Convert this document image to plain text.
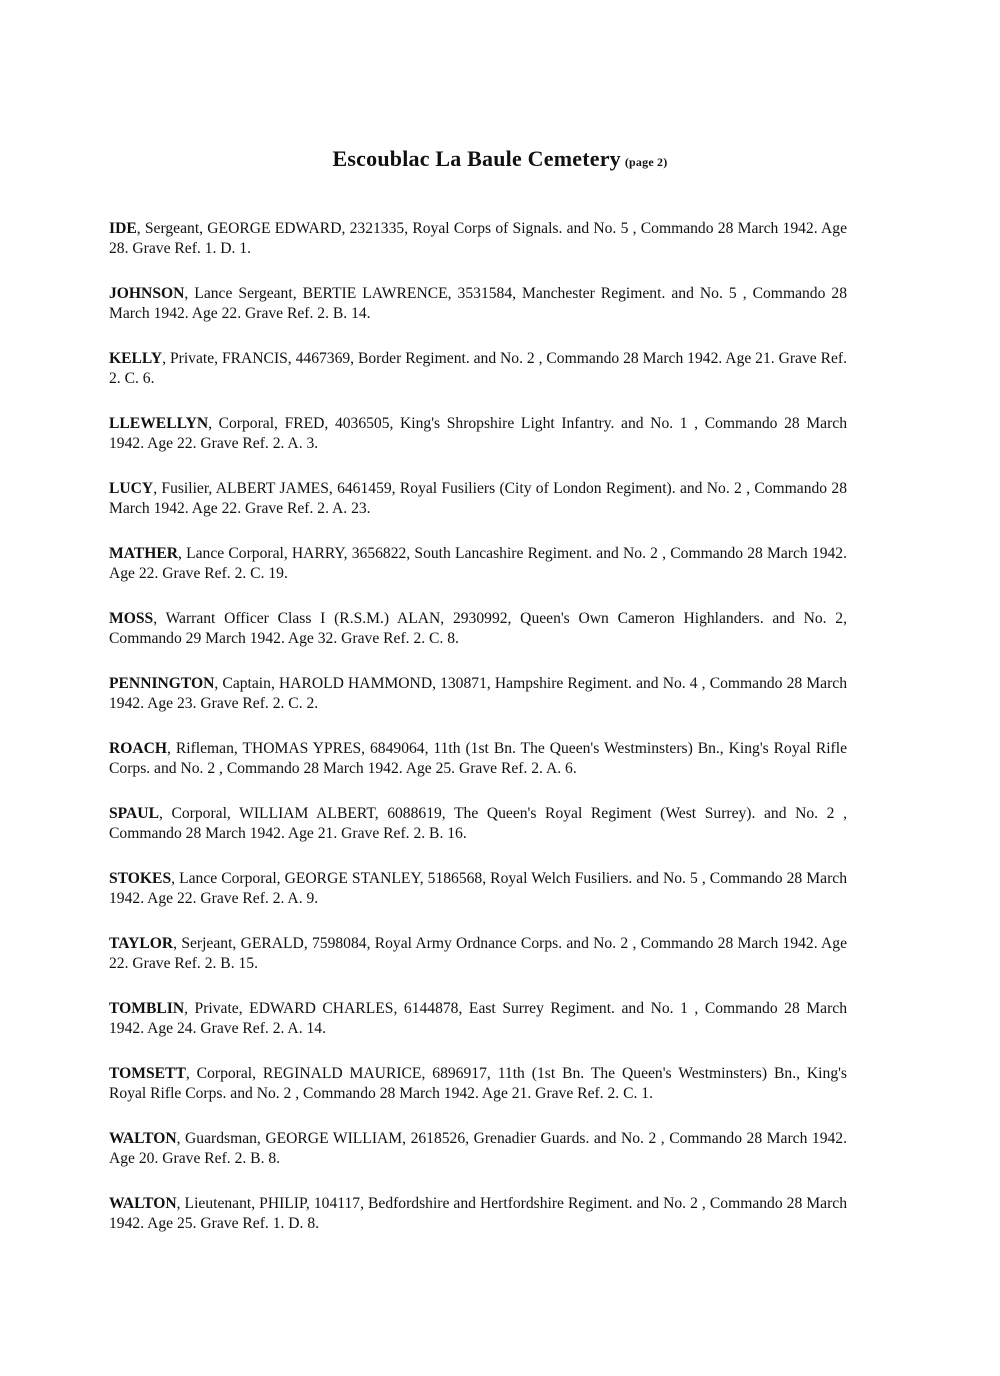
Escoublac La Baule Cemetery (page 2)
IDE, Sergeant, GEORGE EDWARD, 2321335, Royal Corps of Signals. and No. 5 , Commando 28 March 1942. Age 28. Grave Ref. 1. D. 1.
JOHNSON, Lance Sergeant, BERTIE LAWRENCE, 3531584, Manchester Regiment. and No. 5 , Commando 28 March 1942. Age 22. Grave Ref. 2. B. 14.
KELLY, Private, FRANCIS, 4467369, Border Regiment. and No. 2 , Commando 28 March 1942. Age 21. Grave Ref. 2. C. 6.
LLEWELLYN, Corporal, FRED, 4036505, King's Shropshire Light Infantry. and No. 1 , Commando 28 March 1942. Age 22. Grave Ref. 2. A. 3.
LUCY, Fusilier, ALBERT JAMES, 6461459, Royal Fusiliers (City of London Regiment). and No. 2 , Commando 28 March 1942. Age 22. Grave Ref. 2. A. 23.
MATHER, Lance Corporal, HARRY, 3656822, South Lancashire Regiment. and No. 2 , Commando 28 March 1942. Age 22. Grave Ref. 2. C. 19.
MOSS, Warrant Officer Class I (R.S.M.) ALAN, 2930992, Queen's Own Cameron Highlanders. and No. 2, Commando 29 March 1942. Age 32. Grave Ref. 2. C. 8.
PENNINGTON, Captain, HAROLD HAMMOND, 130871, Hampshire Regiment. and No. 4 , Commando 28 March 1942. Age 23. Grave Ref. 2. C. 2.
ROACH, Rifleman, THOMAS YPRES, 6849064, 11th (1st Bn. The Queen's Westminsters) Bn., King's Royal Rifle Corps. and No. 2 , Commando 28 March 1942. Age 25. Grave Ref. 2. A. 6.
SPAUL, Corporal, WILLIAM ALBERT, 6088619, The Queen's Royal Regiment (West Surrey). and No. 2 , Commando 28 March 1942. Age 21. Grave Ref. 2. B. 16.
STOKES, Lance Corporal, GEORGE STANLEY, 5186568, Royal Welch Fusiliers. and No. 5 , Commando 28 March 1942. Age 22. Grave Ref. 2. A. 9.
TAYLOR, Serjeant, GERALD, 7598084, Royal Army Ordnance Corps. and No. 2 , Commando 28 March 1942. Age 22. Grave Ref. 2. B. 15.
TOMBLIN, Private, EDWARD CHARLES, 6144878, East Surrey Regiment. and No. 1 , Commando 28 March 1942. Age 24. Grave Ref. 2. A. 14.
TOMSETT, Corporal, REGINALD MAURICE, 6896917, 11th (1st Bn. The Queen's Westminsters) Bn., King's Royal Rifle Corps. and No. 2 , Commando 28 March 1942. Age 21. Grave Ref. 2. C. 1.
WALTON, Guardsman, GEORGE WILLIAM, 2618526, Grenadier Guards. and No. 2 , Commando 28 March 1942. Age 20. Grave Ref. 2. B. 8.
WALTON, Lieutenant, PHILIP, 104117, Bedfordshire and Hertfordshire Regiment. and No. 2 , Commando 28 March 1942. Age 25. Grave Ref. 1. D. 8.
